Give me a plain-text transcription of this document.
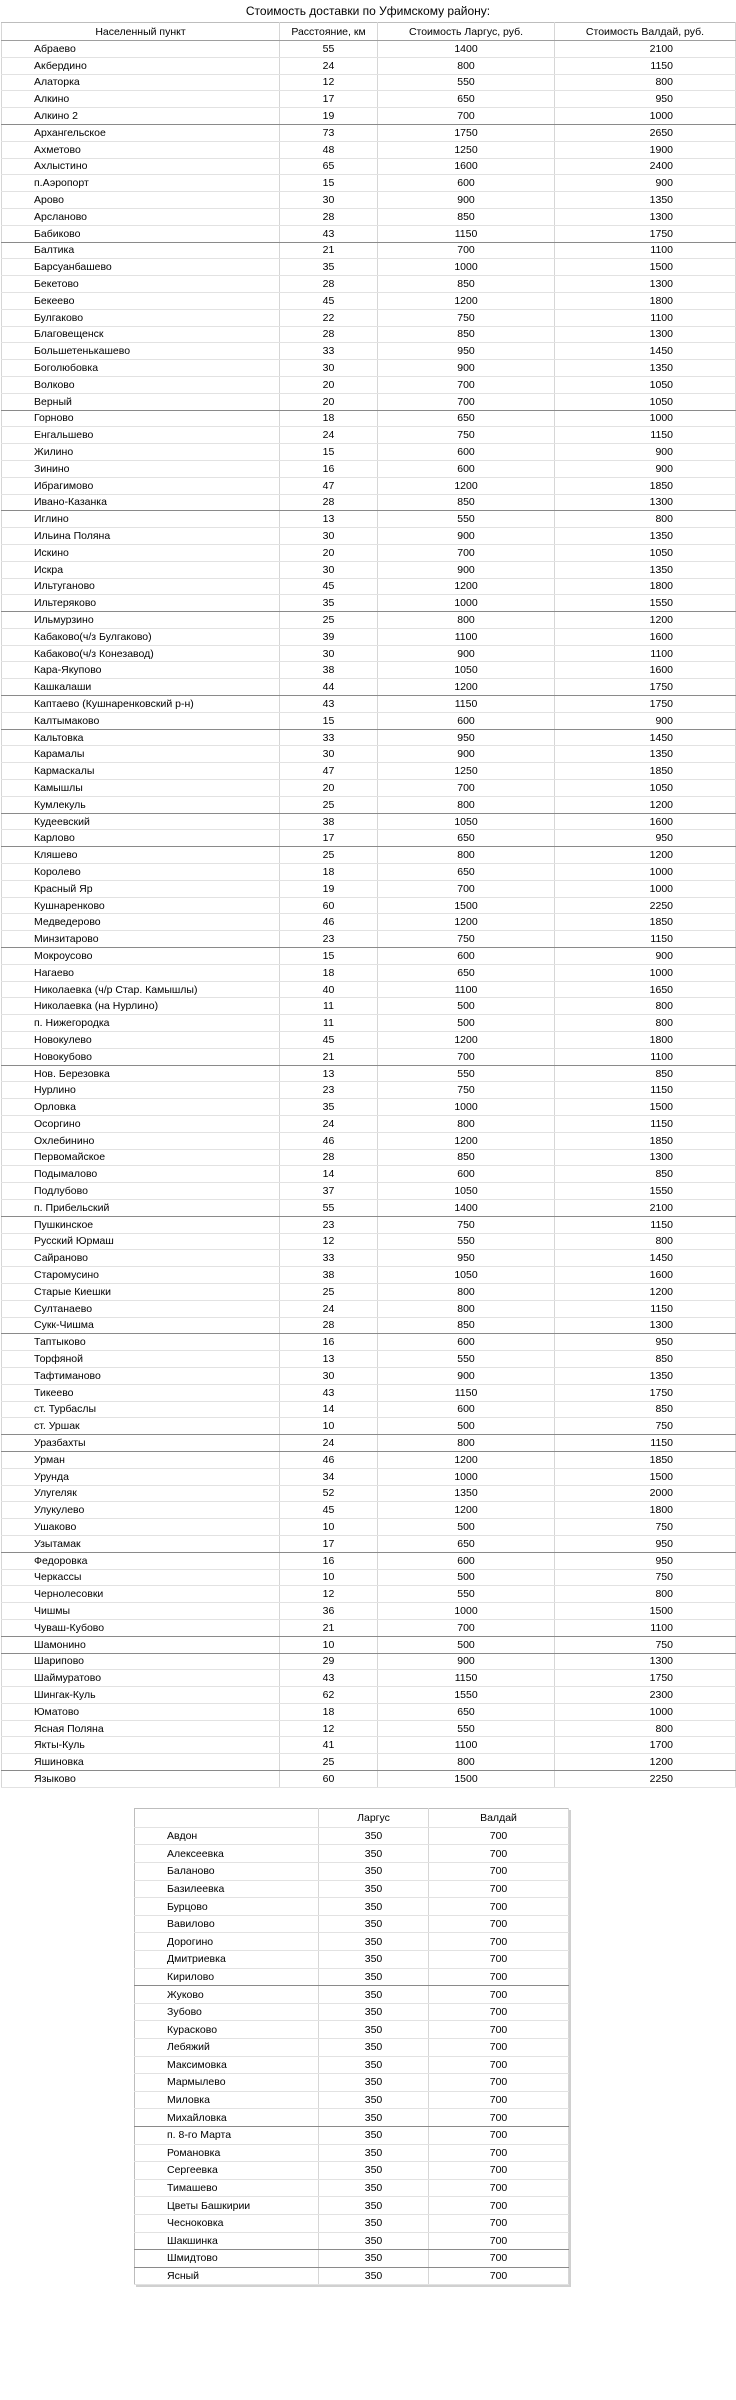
Стоимость доставки по Уфимскому району:
Населенный пункт	Расстояние, км	Стоимость Ларгус, руб.	Стоимость Валдай, руб.
Абраево	55	1400	2100
Акбердино	24	800	1150
Алаторка	12	550	800
Алкино	17	650	950
Алкино 2	19	700	1000
Архангельское	73	1750	2650
Ахметово	48	1250	1900
Ахлыстино	65	1600	2400
п.Аэропорт	15	600	900
Арово	30	900	1350
Арсланово	28	850	1300
Бабиково	43	1150	1750
Балтика	21	700	1100
Барсуанбашево	35	1000	1500
Бекетово	28	850	1300
Бекеево	45	1200	1800
Булгаково	22	750	1100
Благовещенск	28	850	1300
Большетенькашево	33	950	1450
Боголюбовка	30	900	1350
Волково	20	700	1050
Верный	20	700	1050
Горново	18	650	1000
Енгальшево	24	750	1150
Жилино	15	600	900
Зинино	16	600	900
Ибрагимово	47	1200	1850
Ивано-Казанка	28	850	1300
Иглино	13	550	800
Ильина Поляна	30	900	1350
Искино	20	700	1050
Искра	30	900	1350
Ильтуганово	45	1200	1800
Ильтеряково	35	1000	1550
Ильмурзино	25	800	1200
Кабаково(ч/з Булгаково)	39	1100	1600
Кабаково(ч/з Конезавод)	30	900	1100
Кара-Якупово	38	1050	1600
Кашкалаши	44	1200	1750
Каптаево (Кушнаренковский р-н)	43	1150	1750
Калтымаково	15	600	900
Кальтовка	33	950	1450
Карамалы	30	900	1350
Кармаскалы	47	1250	1850
Камышлы	20	700	1050
Кумлекуль	25	800	1200
Кудеевский	38	1050	1600
Карлово	17	650	950
Кляшево	25	800	1200
Королево	18	650	1000
Красный Яр	19	700	1000
Кушнаренково	60	1500	2250
Медведерово	46	1200	1850
Минзитарово	23	750	1150
Мокроусово	15	600	900
Нагаево	18	650	1000
Николаевка (ч/р Стар. Камышлы)	40	1100	1650
Николаевка (на Нурлино)	11	500	800
п. Нижегородка	11	500	800
Новокулево	45	1200	1800
Новокубово	21	700	1100
Нов. Березовка	13	550	850
Нурлино	23	750	1150
Орловка	35	1000	1500
Осоргино	24	800	1150
Охлебинино	46	1200	1850
Первомайское	28	850	1300
Подымалово	14	600	850
Подлубово	37	1050	1550
п. Прибельский	55	1400	2100
Пушкинское	23	750	1150
Русский Юрмаш	12	550	800
Сайраново	33	950	1450
Старомусино	38	1050	1600
Старые Киешки	25	800	1200
Султанаево	24	800	1150
Сукк-Чишма	28	850	1300
Таптыково	16	600	950
Торфяной	13	550	850
Тафтиманово	30	900	1350
Тикеево	43	1150	1750
ст. Турбаслы	14	600	850
ст. Уршак	10	500	750
Уразбахты	24	800	1150
Урман	46	1200	1850
Урунда	34	1000	1500
Улугеляк	52	1350	2000
Улукулево	45	1200	1800
Ушаково	10	500	750
Узытамак	17	650	950
Федоровка	16	600	950
Черкассы	10	500	750
Чернолесовки	12	550	800
Чишмы	36	1000	1500
Чуваш-Кубово	21	700	1100
Шамонино	10	500	750
Шарипово	29	900	1300
Шаймуратово	43	1150	1750
Шингак-Куль	62	1550	2300
Юматово	18	650	1000
Ясная Поляна	12	550	800
Якты-Куль	41	1100	1700
Яшиновка	25	800	1200
Языково	60	1500	2250
	Ларгус	Валдай
Авдон	350	700
Алексеевка	350	700
Баланово	350	700
Базилеевка	350	700
Бурцово	350	700
Вавилово	350	700
Дорогино	350	700
Дмитриевка	350	700
Кирилово	350	700
Жуково	350	700
Зубово	350	700
Курасково	350	700
Лебяжий	350	700
Максимовка	350	700
Мармылево	350	700
Миловка	350	700
Михайловка	350	700
п. 8-го Марта	350	700
Романовка	350	700
Сергеевка	350	700
Тимашево	350	700
Цветы Башкирии	350	700
Чесноковка	350	700
Шакшинка	350	700
Шмидтово	350	700
Ясный	350	700
